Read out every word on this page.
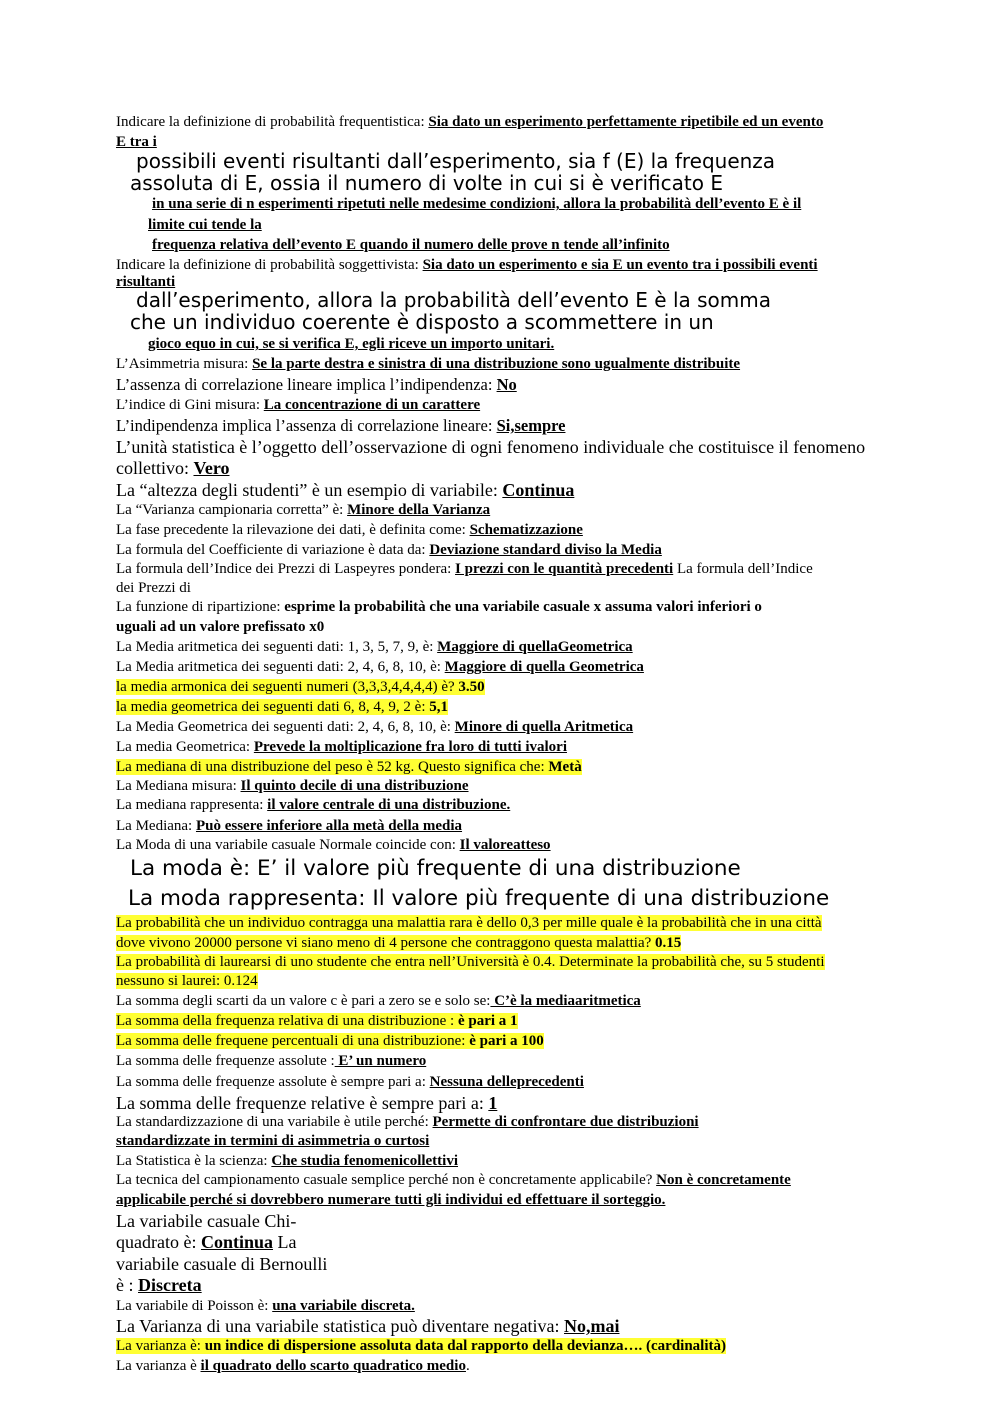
Indicare la definizione di probabilità frequentistica: Sia dato un esperimento perfettamente ripetibile ed un evento
E tra i
possibili eventi risultanti dall’esperimento, sia f (E) la frequenza
assoluta di E, ossia il numero di volte in cui si è verificato E
in una serie di n esperimenti ripetuti nelle medesime condizioni, allora la probabilità dell’evento E è il
limite cui tende la
frequenza relativa dell’evento E quando il numero delle prove n tende all’infinito
Indicare la definizione di probabilità soggettivista: Sia dato un esperimento e sia E un evento tra i possibili eventi
risultanti
dall’esperimento, allora la probabilità dell’evento E è la somma
che un individuo coerente è disposto a scommettere in un
gioco equo in cui, se si verifica E, egli riceve un importo unitari.
L’Asimmetria misura: Se la parte destra e sinistra di una distribuzione sono ugualmente distribuite
L’assenza di correlazione lineare implica l’indipendenza: No
L’indice di Gini misura: La concentrazione di un carattere
L’indipendenza implica l’assenza di correlazione lineare: Si,sempre
L’unità statistica è l’oggetto dell’osservazione di ogni fenomeno individuale che costituisce il fenomeno
collettivo: Vero
La “altezza degli studenti” è un esempio di variabile: Continua
La “Varianza campionaria corretta” è: Minore della Varianza
La fase precedente la rilevazione dei dati, è definita come: Schematizzazione
La formula del Coefficiente di variazione è data da: Deviazione standard diviso la Media
La formula dell’Indice dei Prezzi di Laspeyres pondera: I prezzi con le quantità precedenti La formula dell’Indice
dei Prezzi di
La funzione di ripartizione: esprime la probabilità che una variabile casuale x assuma valori inferiori o
uguali ad un valore prefissato x0
La Media aritmetica dei seguenti dati: 1, 3, 5, 7, 9, è: Maggiore di quellaGeometrica
La Media aritmetica dei seguenti dati: 2, 4, 6, 8, 10, è: Maggiore di quella Geometrica
la media armonica dei seguenti numeri (3,3,3,4,4,4,4) è? 3.50
la media geometrica dei seguenti dati 6, 8, 4, 9, 2 è: 5,1
La Media Geometrica dei seguenti dati: 2, 4, 6, 8, 10, è: Minore di quella Aritmetica
La media Geometrica: Prevede la moltiplicazione fra loro di tutti ivalori
La mediana di una distribuzione del peso è 52 kg. Questo significa che: Metà
La Mediana misura: Il quinto decile di una distribuzione
La mediana rappresenta: il valore centrale di una distribuzione.
La Mediana: Può essere inferiore alla metà della media
La Moda di una variabile casuale Normale coincide con: Il valoreatteso
La moda è: E’ il valore più frequente di una distribuzione
La moda rappresenta: Il valore più frequente di una distribuzione
La probabilità che un individuo contragga una malattia rara è dello 0,3 per mille quale è la probabilità che in una città
dove vivono 20000 persone vi siano meno di 4 persone che contraggono questa malattia? 0.15
La probabilità di laurearsi di uno studente che entra nell’Università è 0.4. Determinate la probabilità che, su 5 studenti
nessuno si laurei: 0.124
La somma degli scarti da un valore c è pari a zero se e solo se: C’è la mediaaritmetica
La somma della frequenza relativa di una distribuzione : è pari a 1
La somma delle frequene percentuali di una distribuzione: è pari a 100
La somma delle frequenze assolute : E’ un numero
La somma delle frequenze assolute è sempre pari a: Nessuna delleprecedenti
La somma delle frequenze relative è sempre pari a: 1
La standardizzazione di una variabile è utile perché: Permette di confrontare due distribuzioni
standardizzate in termini di asimmetria o curtosi
La Statistica è la scienza: Che studia fenomenicollettivi
La tecnica del campionamento casuale semplice perché non è concretamente applicabile? Non è concretamente
applicabile perché si dovrebbero numerare tutti gli individui ed effettuare il sorteggio.
La variabile casuale Chi-
quadrato è: Continua La
variabile casuale di Bernoulli
è : Discreta
La variabile di Poisson è: una variabile discreta.
La Varianza di una variabile statistica può diventare negativa: No,mai
La varianza è: un indice di dispersione assoluta data dal rapporto della devianza…. (cardinalità)
La varianza è il quadrato dello scarto quadratico medio.
